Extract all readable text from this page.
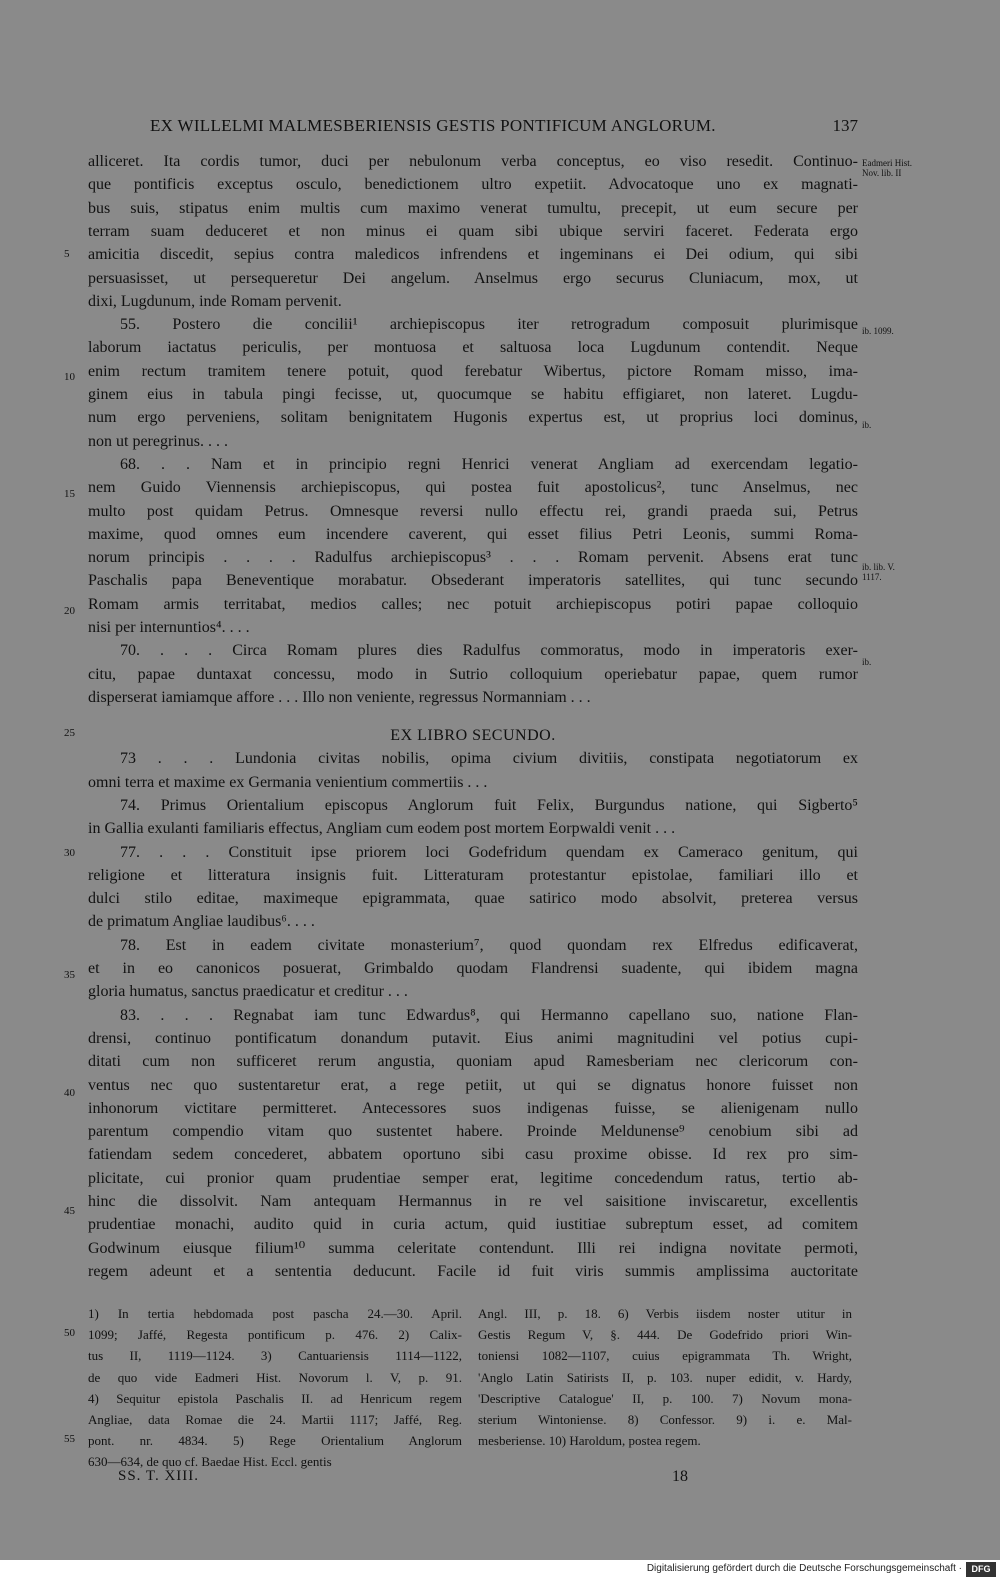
EX WILLELMI MALMESBERIENSIS GESTIS PONTIFICUM ANGLORUM.	137
alliceret. Ita cordis tumor, duci per nebulonum verba conceptus, eo viso resedit. Continuo-
que pontificis exceptus osculo, benedictionem ultro expetiit. Advocatoque uno ex magnati-
bus suis, stipatus enim multis cum maximo venerat tumultu, precepit, ut eum secure per
terram suam deduceret et non minus ei quam sibi ubique serviri faceret. Federata ergo
amicitia discedit, sepius contra maledicos infrendens et ingeminans ei Dei odium, qui sibi
persuasisset, ut persequeretur Dei angelum. Anselmus ergo securus Cluniacum, mox, ut
dixi, Lugdunum, inde Romam pervenit.
55. Postero die concilii¹ archiepiscopus iter retrogradum composuit plurimisque
laborum iactatus periculis, per montuosa et saltuosa loca Lugdunum contendit. Neque
enim rectum tramitem tenere potuit, quod ferebatur Wibertus, pictore Romam misso, ima-
ginem eius in tabula pingi fecisse, ut, quocumque se habitu effigiaret, non lateret. Lugdu-
num ergo perveniens, solitam benignitatem Hugonis expertus est, ut proprius loci dominus,
non ut peregrinus. . . .
68. . . Nam et in principio regni Henrici venerat Angliam ad exercendam legatio-
nem Guido Viennensis archiepiscopus, qui postea fuit apostolicus², tunc Anselmus, nec
multo post quidam Petrus. Omnesque reversi nullo effectu rei, grandi praeda sui, Petrus
maxime, quod omnes eum incendere caverent, qui esset filius Petri Leonis, summi Roma-
norum principis . . . . Radulfus archiepiscopus³ . . . Romam pervenit. Absens erat tunc
Paschalis papa Beneventique morabatur. Obsederant imperatoris satellites, qui tunc secundo
Romam armis territabat, medios calles; nec potuit archiepiscopus potiri papae colloquio
nisi per internuntios⁴. . . .
70. . . . Circa Romam plures dies Radulfus commoratus, modo in imperatoris exer-
citu, papae duntaxat concessu, modo in Sutrio colloquium operiebatur papae, quem rumor
disperserat iamiamque affore . . . Illo non veniente, regressus Normanniam . . .
EX LIBRO SECUNDO.
73 . . . Lundonia civitas nobilis, opima civium divitiis, constipata negotiatorum ex
omni terra et maxime ex Germania venientium commertiis . . .
74. Primus Orientalium episcopus Anglorum fuit Felix, Burgundus natione, qui Sigberto⁵
in Gallia exulanti familiaris effectus, Angliam cum eodem post mortem Eorpwaldi venit . . .
77. . . . Constituit ipse priorem loci Godefridum quendam ex Cameraco genitum, qui
religione et litteratura insignis fuit. Litteraturam protestantur epistolae, familiari illo et
dulci stilo editae, maximeque epigrammata, quae satirico modo absolvit, preterea versus
de primatum Angliae laudibus⁶. . . .
78. Est in eadem civitate monasterium⁷, quod quondam rex Elfredus edificaverat,
et in eo canonicos posuerat, Grimbaldo quodam Flandrensi suadente, qui ibidem magna
gloria humatus, sanctus praedicatur et creditur . . .
83. . . . Regnabat iam tunc Edwardus⁸, qui Hermanno capellano suo, natione Flan-
drensi, continuo pontificatum donandum putavit. Eius animi magnitudini vel potius cupi-
ditati cum non sufficeret rerum angustia, quoniam apud Ramesberiam nec clericorum con-
ventus nec quo sustentaretur erat, a rege petiit, ut qui se dignatus honore fuisset non
inhonorum victitare permitteret. Antecessores suos indigenas fuisse, se alienigenam nullo
parentum compendio vitam quo sustentet habere. Proinde Meldunense⁹ cenobium sibi ad
fatiendam sedem concederet, abbatem oportuno sibi casu proxime obisse. Id rex pro sim-
plicitate, cui pronior quam prudentiae semper erat, legitime concedendum ratus, tertio ab-
hinc die dissolvit. Nam antequam Hermannus in re vel saisitione inviscaretur, excellentis
prudentiae monachi, audito quid in curia actum, quid iustitiae subreptum esset, ad comitem
Godwinum eiusque filium¹⁰ summa celeritate contendunt. Illi rei indigna novitate permoti,
regem adeunt et a sententia deducunt. Facile id fuit viris summis amplissima auctoritate
5
10
15
20
25
30
35
40
45
Eadmeri Hist. Nov. lib. II
ib. 1099.
ib.
ib. lib. V. 1117.
ib.
1) In tertia hebdomada post pascha 24.—30. April.
1099; Jaffé, Regesta pontificum p. 476. 2) Calix-
tus II, 1119—1124. 3) Cantuariensis 1114—1122,
de quo vide Eadmeri Hist. Novorum l. V, p. 91.
4) Sequitur epistola Paschalis II. ad Henricum regem
Angliae, data Romae die 24. Martii 1117; Jaffé, Reg.
pont. nr. 4834. 5) Rege Orientalium Anglorum
630—634, de quo cf. Baedae Hist. Eccl. gentis
Angl. III, p. 18. 6) Verbis iisdem noster utitur in
Gestis Regum V, §. 444. De Godefrido priori Win-
toniensi 1082—1107, cuius epigrammata Th. Wright,
'Anglo Latin Satirists II, p. 103. nuper edidit, v. Hardy,
'Descriptive Catalogue' II, p. 100. 7) Novum mona-
sterium Wintoniense. 8) Confessor. 9) i. e. Mal-
mesberiense. 10) Haroldum, postea regem.
50
55
SS. T. XIII.	18
Digitalisierung gefördert durch die Deutsche Forschungsgemeinschaft ·	DFG
